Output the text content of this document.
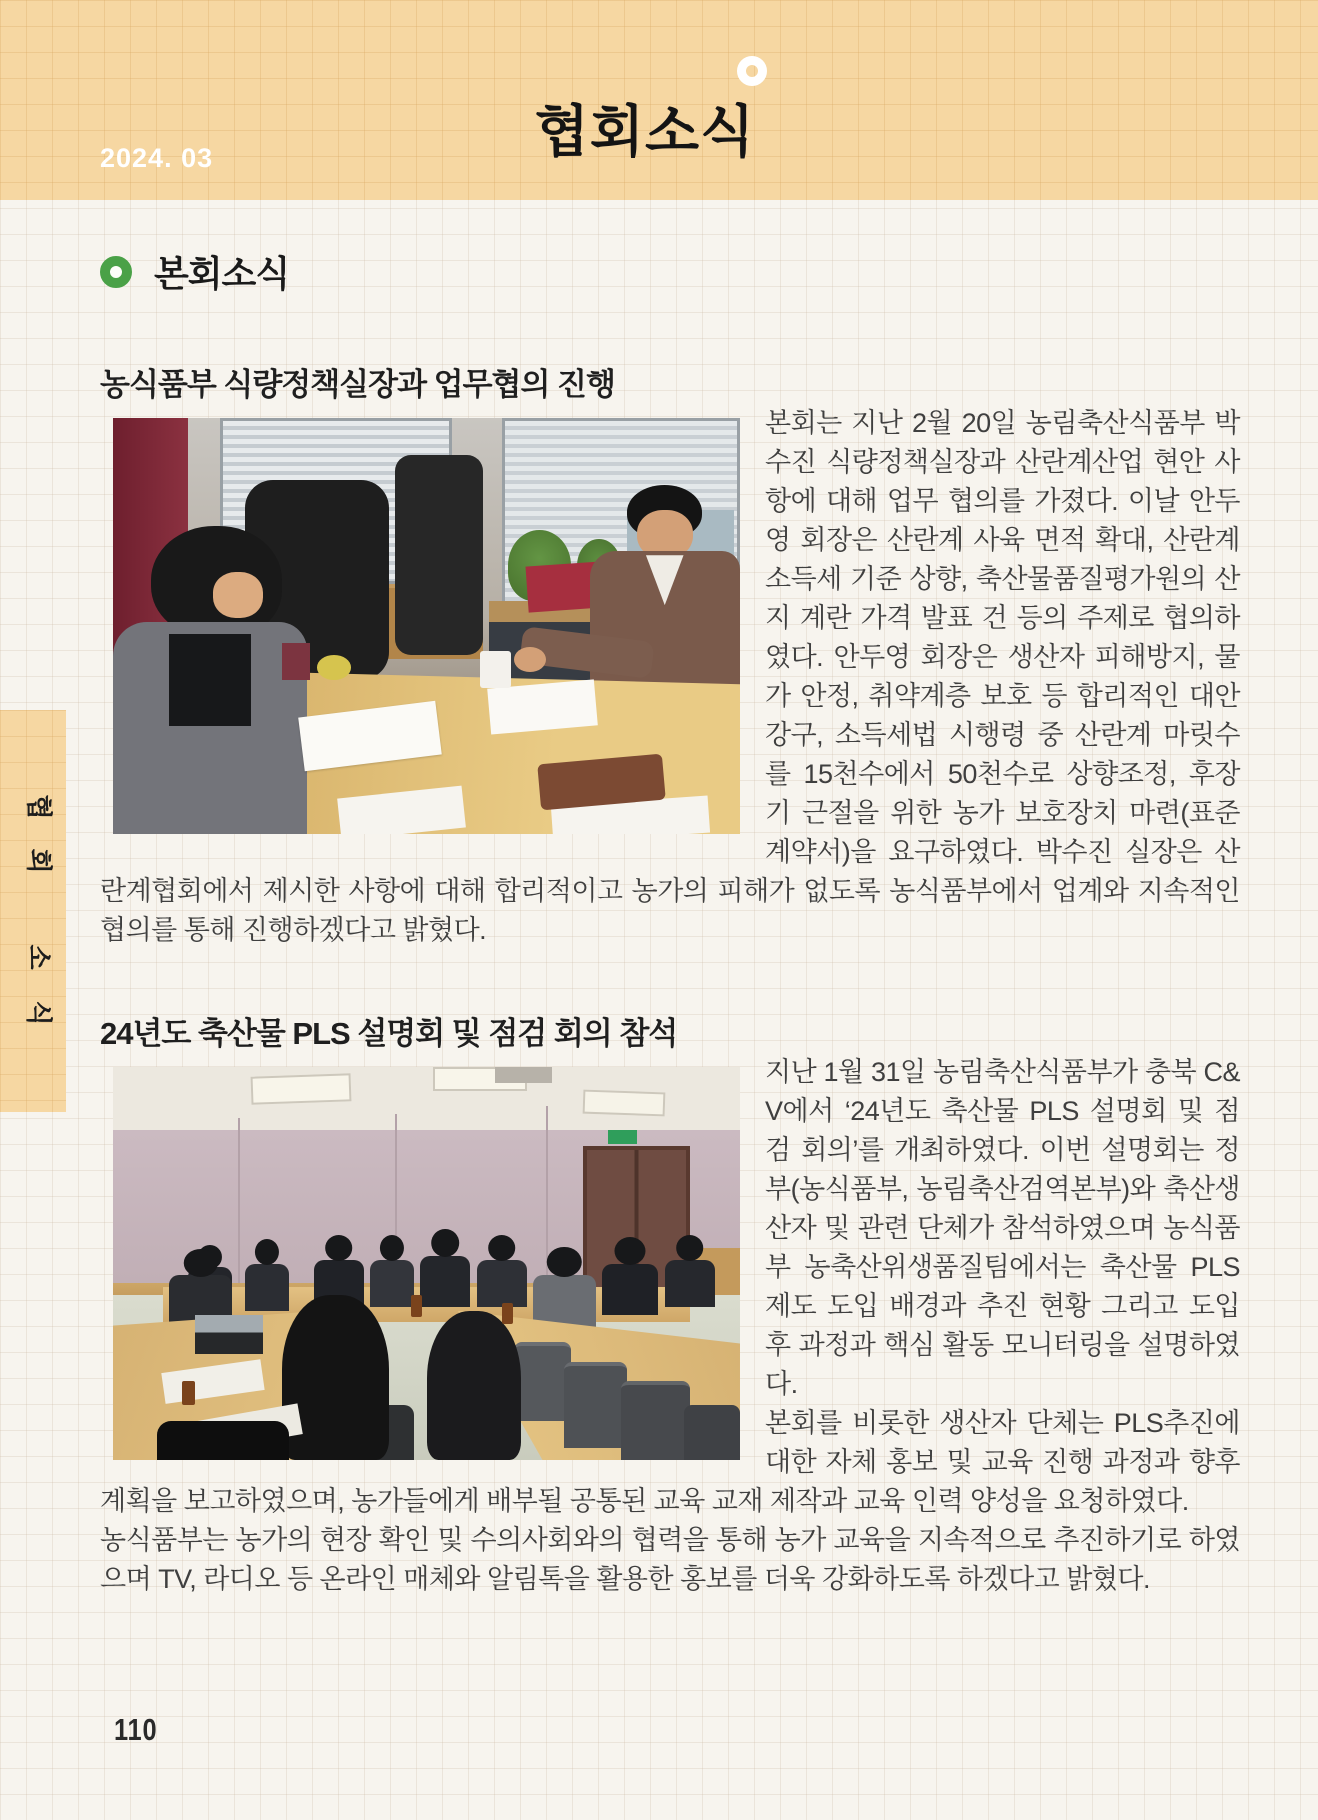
협회소식
2024. 03
협
회
소
식
본회소식
농식품부 식량정책실장과 업무협의 진행

본회는 지난 2월 20일 농림축산식품부 박수진 식량정책실장과 산란계산업 현안 사항에 대해 업무 협의를 가졌다. 이날 안두영 회장은 산란계 사육 면적 확대, 산란계 소득세 기준 상향, 축산물품질평가원의 산지 계란 가격 발표 건 등의 주제로 협의하였다. 안두영 회장은 생산자 피해방지, 물가 안정, 취약계층 보호 등 합리적인 대안 강구, 소득세법 시행령 중 산란계 마릿수를 15천수에서 50천수로 상향조정, 후장기 근절을 위한 농가 보호장치 마련(표준계약서)을 요구하였다. 박수진 실장은 산란계협회에서 제시한 사항에 대해 합리적이고 농가의 피해가 없도록 농식품부에서 업계와 지속적인 협의를 통해 진행하겠다고 밝혔다.

24년도 축산물 PLS 설명회 및 점검 회의 참석

지난 1월 31일 농림축산식품부가 충북 C&V에서 ‘24년도 축산물 PLS 설명회 및 점검 회의’를 개최하였다. 이번 설명회는 정부(농식품부, 농림축산검역본부)와 축산생산자 및 관련 단체가 참석하였으며 농식품부 농축산위생품질팀에서는 축산물 PLS제도 도입 배경과 추진 현황 그리고 도입 후 과정과 핵심 활동 모니터링을 설명하였다.

본회를 비롯한 생산자 단체는 PLS추진에 대한 자체 홍보 및 교육 진행 과정과 향후 계획을 보고하였으며, 농가들에게 배부될 공통된 교육 교재 제작과 교육 인력 양성을 요청하였다.

농식품부는 농가의 현장 확인 및 수의사회와의 협력을 통해 농가 교육을 지속적으로 추진하기로 하였으며 TV, 라디오 등 온라인 매체와 알림톡을 활용한 홍보를 더욱 강화하도록 하겠다고 밝혔다.

110
